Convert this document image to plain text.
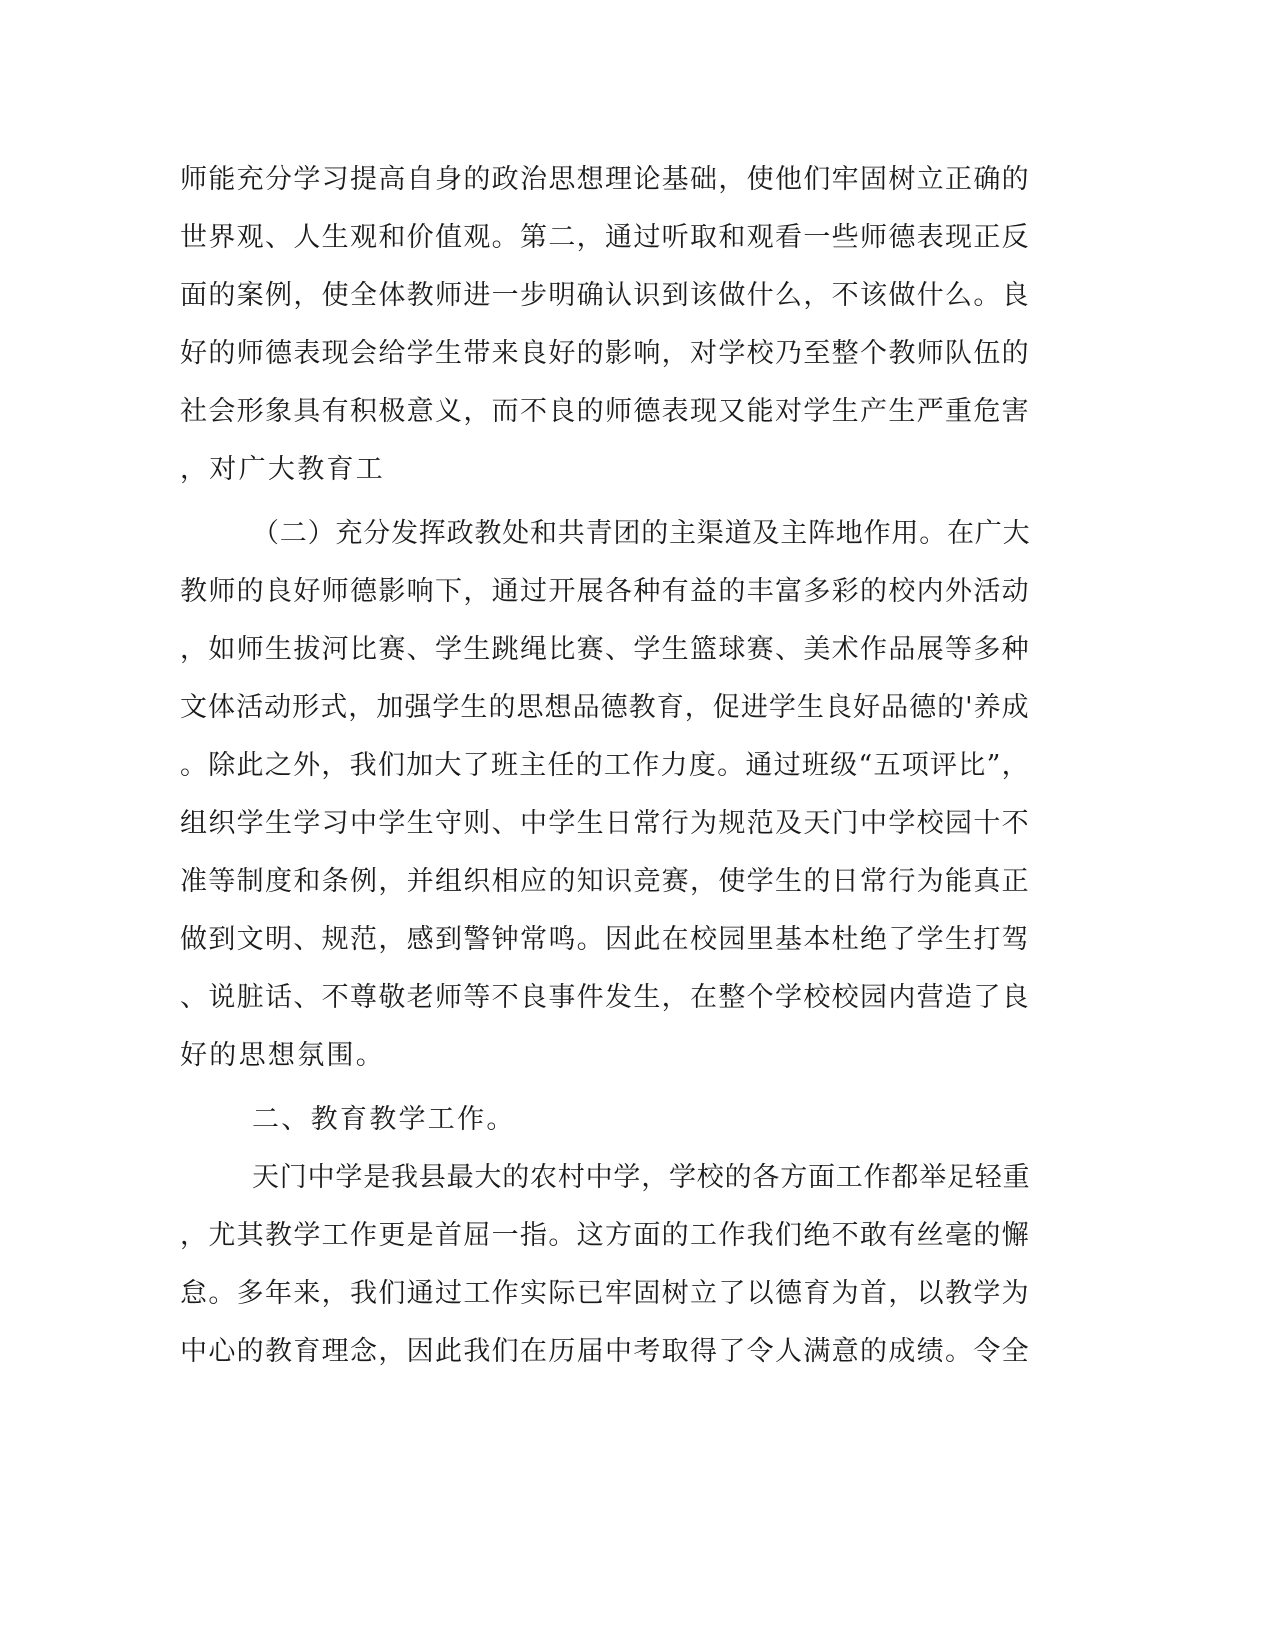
师能充分学习提高自身的政治思想理论基础，使他们牢固树立正确的
世界观、人生观和价值观。第二，通过听取和观看一些师德表现正反
面的案例，使全体教师进一步明确认识到该做什么，不该做什么。良
好的师德表现会给学生带来良好的影响，对学校乃至整个教师队伍的
社会形象具有积极意义，而不良的师德表现又能对学生产生严重危害
，对广大教育工
（二）充分发挥政教处和共青团的主渠道及主阵地作用。在广大
教师的良好师德影响下，通过开展各种有益的丰富多彩的校内外活动
，如师生拔河比赛、学生跳绳比赛、学生篮球赛、美术作品展等多种
文体活动形式，加强学生的思想品德教育，促进学生良好品德的'养成
。除此之外，我们加大了班主任的工作力度。通过班级“五项评比”，
组织学生学习中学生守则、中学生日常行为规范及天门中学校园十不
准等制度和条例，并组织相应的知识竞赛，使学生的日常行为能真正
做到文明、规范，感到警钟常鸣。因此在校园里基本杜绝了学生打驾
、说脏话、不尊敬老师等不良事件发生，在整个学校校园内营造了良
好的思想氛围。
二、教育教学工作。
天门中学是我县最大的农村中学，学校的各方面工作都举足轻重
，尤其教学工作更是首屈一指。这方面的工作我们绝不敢有丝毫的懈
怠。多年来，我们通过工作实际已牢固树立了以德育为首，以教学为
中心的教育理念，因此我们在历届中考取得了令人满意的成绩。令全
